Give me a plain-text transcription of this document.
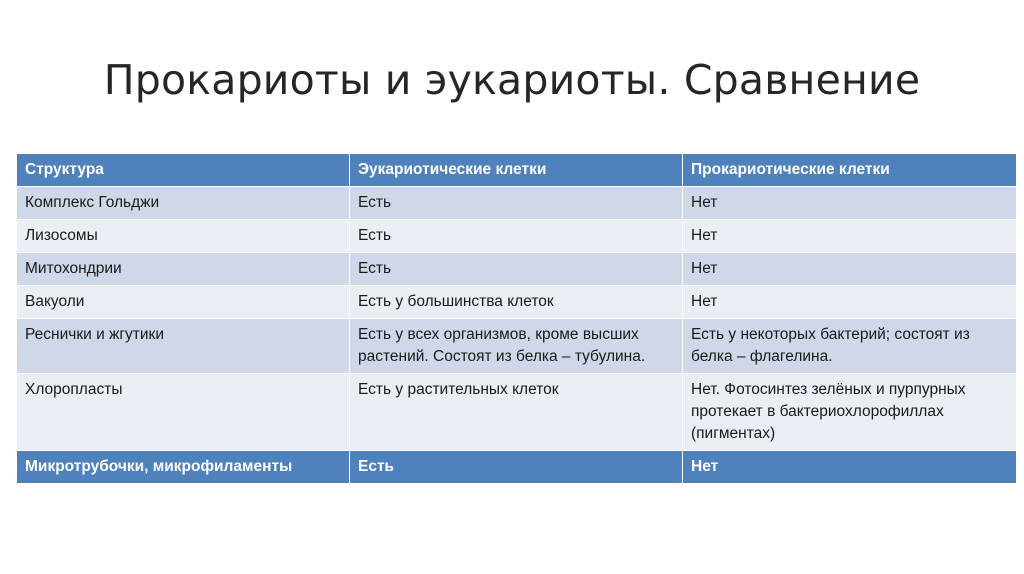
Прокариоты и эукариоты. Сравнение
Структура	Эукариотические клетки	Прокариотические клетки
Комплекс Гольджи	Есть	Нет
Лизосомы	Есть	Нет
Митохондрии	Есть	Нет
Вакуоли	Есть у большинства клеток	Нет
Реснички и жгутики	Есть у всех организмов, кроме высших растений. Состоят из белка – тубулина.	Есть у некоторых бактерий; состоят из белка – флагелина.
Хлоропласты	Есть у растительных клеток	Нет. Фотосинтез зелёных и пурпурных протекает в бактериохлорофиллах (пигментах)
Микротрубочки, микрофиламенты	Есть	Нет
